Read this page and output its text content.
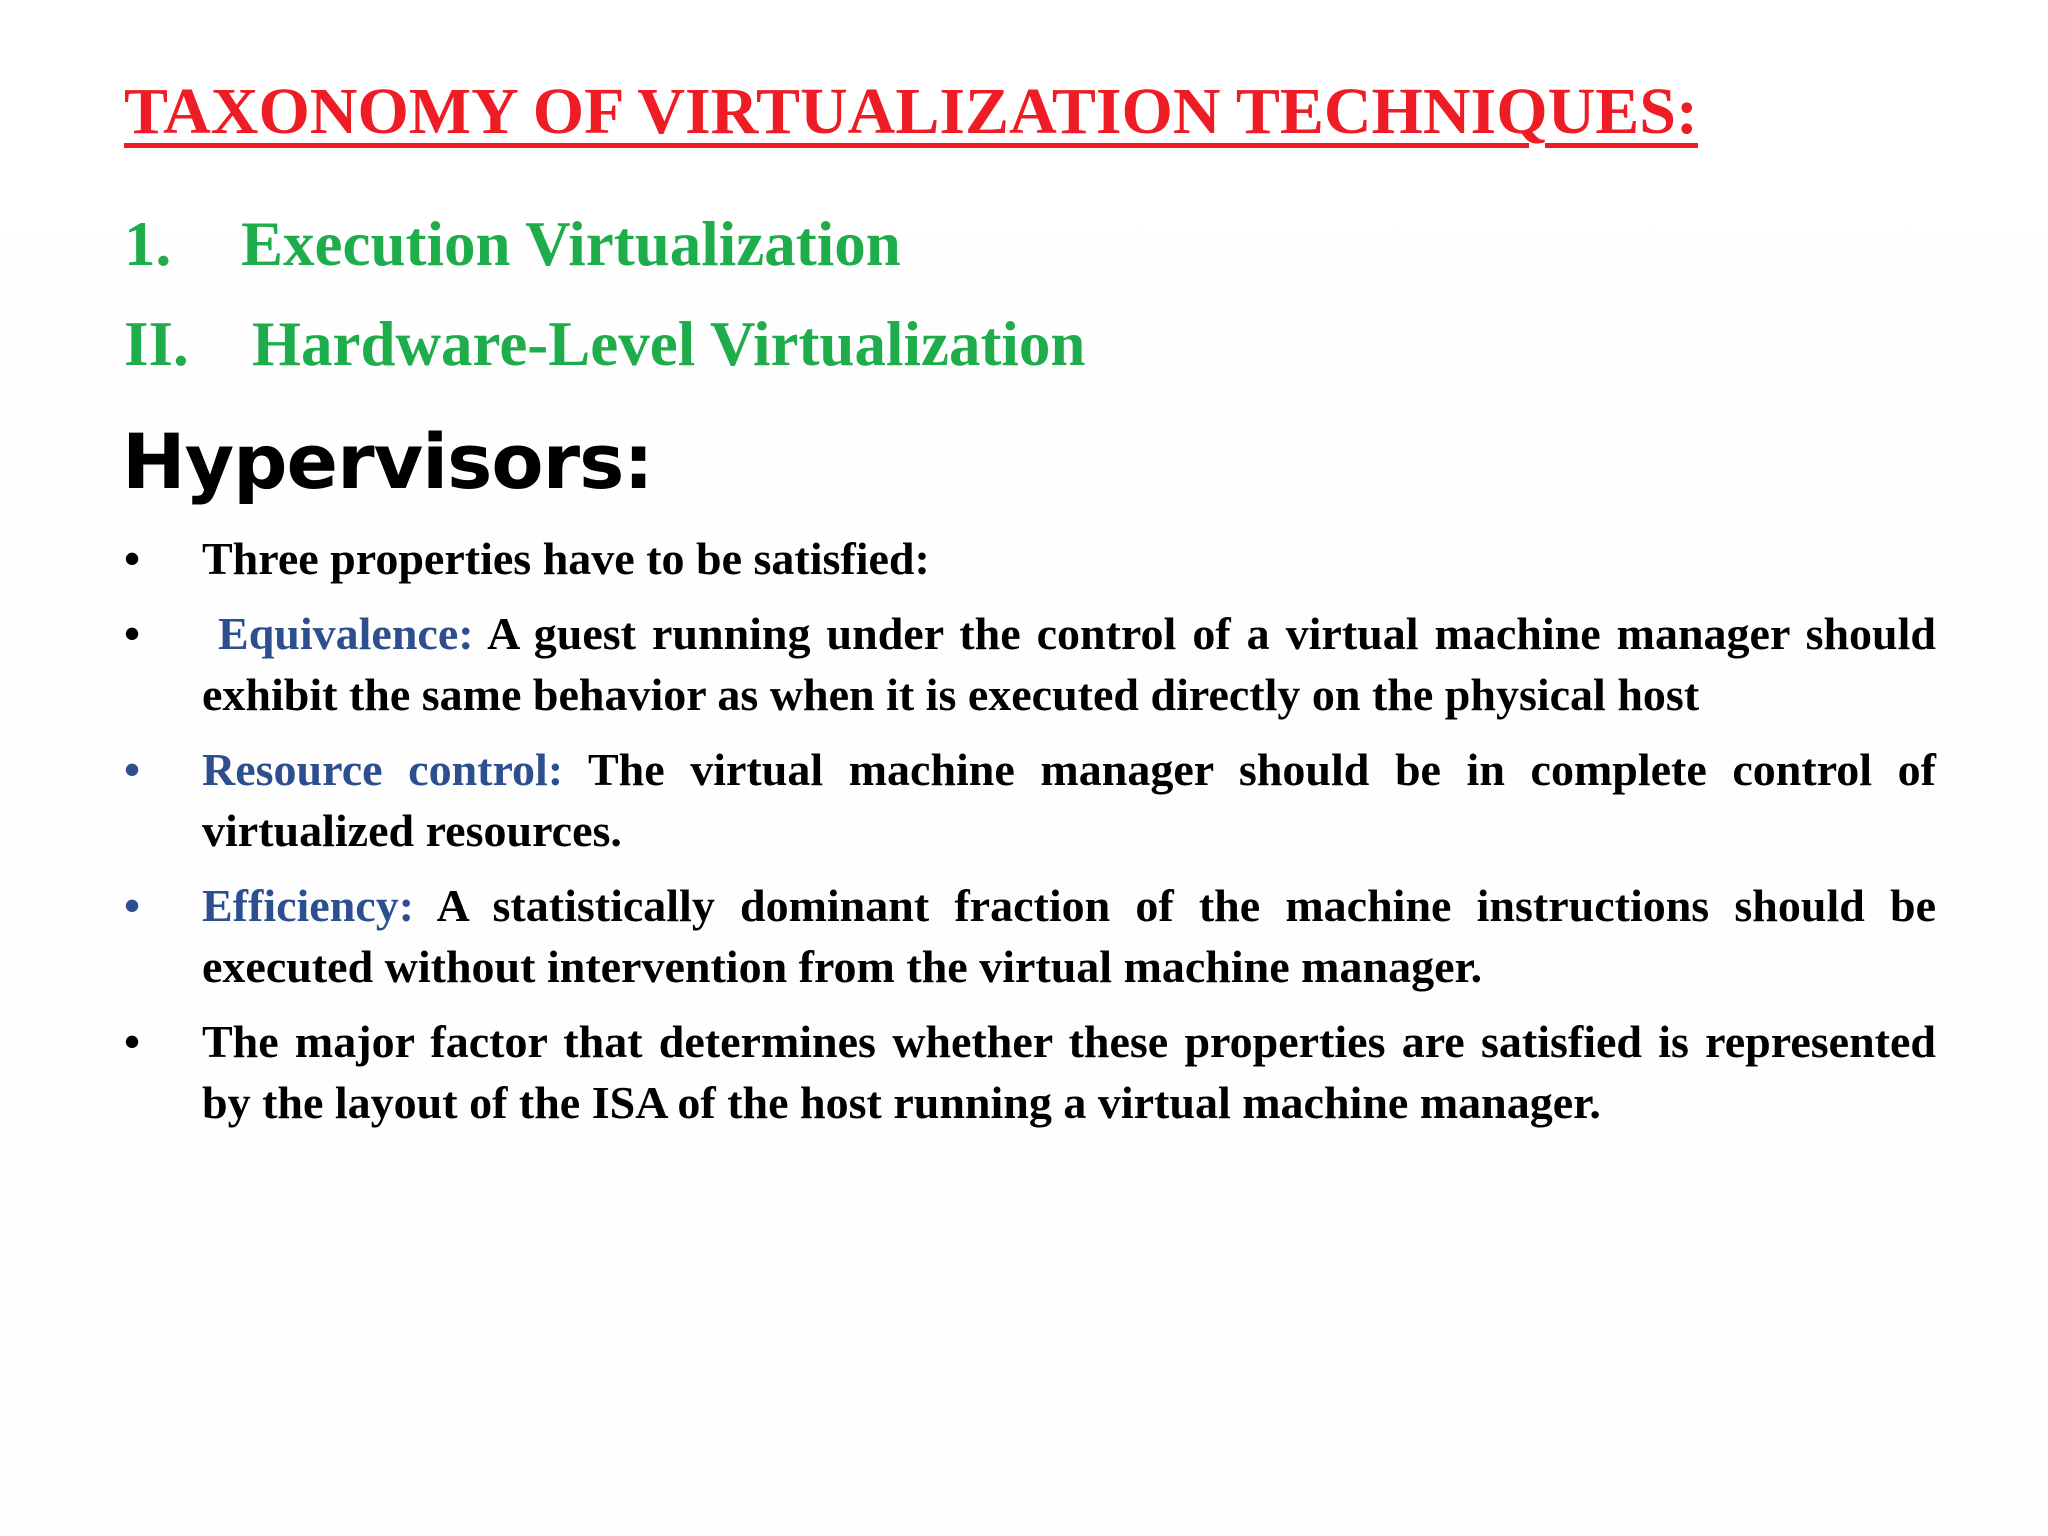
TAXONOMY OF VIRTUALIZATION TECHNIQUES:
1. Execution Virtualization
II. Hardware-Level Virtualization
Hypervisors:
•	Three properties have to be satisfied:
•	Equivalence: A guest running under the control of a virtual machine manager should exhibit the same behavior as when it is executed directly on the physical host
•	Resource control: The virtual machine manager should be in complete control of virtualized resources.
•	Efficiency: A statistically dominant fraction of the machine instructions should be executed without intervention from the virtual machine manager.
•	The major factor that determines whether these properties are satisfied is represented by the layout of the ISA of the host running a virtual machine manager.
